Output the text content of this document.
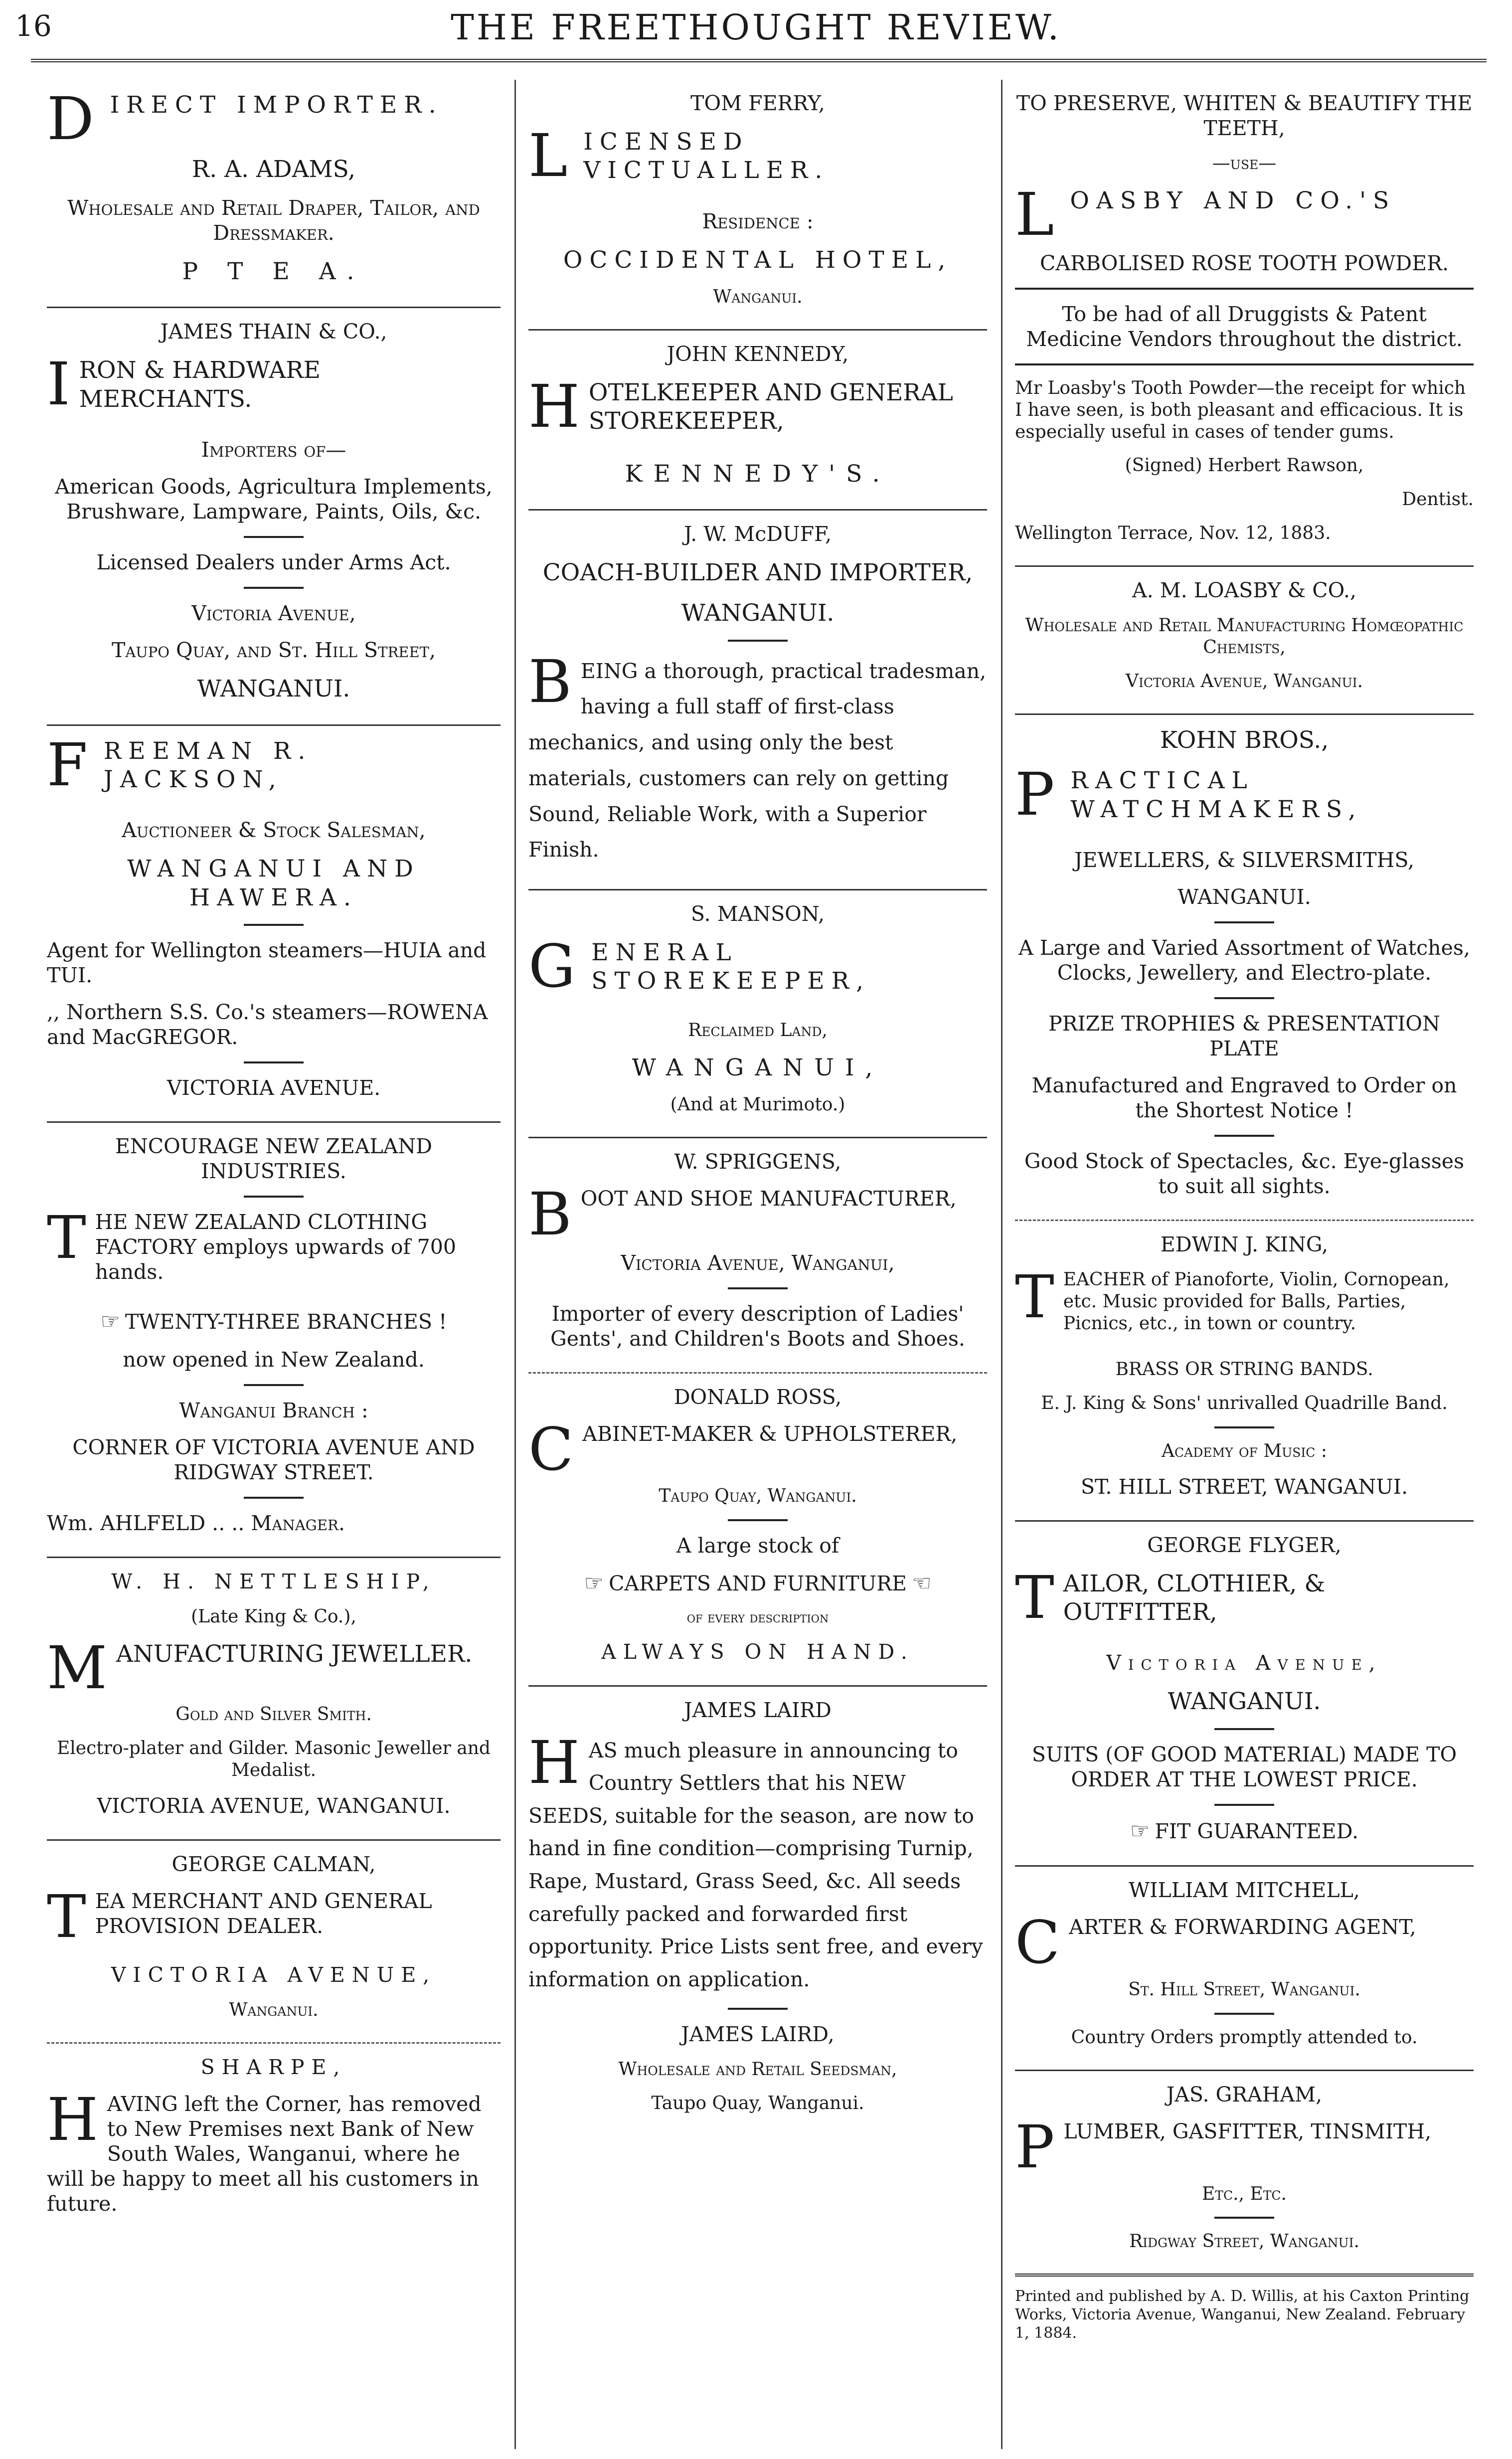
16	THE FREETHOUGHT REVIEW.

DIRECT IMPORTER.

R. A. ADAMS,

Wholesale and Retail Draper, Tailor, and Dressmaker.

P T E A.

JAMES THAIN & CO.,

IRON & HARDWARE MERCHANTS.

Importers of—

American Goods, Agricultura Implements, Brushware, Lampware, Paints, Oils, &c.

Licensed Dealers under Arms Act.

Victoria Avenue,

Taupo Quay, and St. Hill Street,

WANGANUI.

FREEMAN R. JACKSON,

Auctioneer & Stock Salesman,

WANGANUI AND HAWERA.

Agent for Wellington steamers—HUIA and TUI.

,, Northern S.S. Co.'s steamers—ROWENA and MacGREGOR.

VICTORIA AVENUE.

ENCOURAGE NEW ZEALAND INDUSTRIES.

THE NEW ZEALAND CLOTHING FACTORY employs upwards of 700 hands.

☞ TWENTY-THREE BRANCHES !

now opened in New Zealand.

Wanganui Branch :

CORNER OF VICTORIA AVENUE AND RIDGWAY STREET.

Wm. AHLFELD .. .. Manager.

W. H. NETTLESHIP,

(Late King & Co.),

MANUFACTURING JEWELLER.

Gold and Silver Smith.

Electro-plater and Gilder. Masonic Jeweller and Medalist.

VICTORIA AVENUE, WANGANUI.

GEORGE CALMAN,

TEA MERCHANT AND GENERAL PROVISION DEALER.

VICTORIA AVENUE,

Wanganui.

SHARPE,

HAVING left the Corner, has removed to New Premises next Bank of New South Wales, Wanganui, where he will be happy to meet all his customers in future.

TOM FERRY,

LICENSED VICTUALLER.

Residence :

OCCIDENTAL HOTEL,

Wanganui.

JOHN KENNEDY,

HOTELKEEPER AND GENERAL STOREKEEPER,

KENNEDY'S.

J. W. McDUFF,

COACH-BUILDER AND IMPORTER,

WANGANUI.

BEING a thorough, practical tradesman, having a full staff of first-class mechanics, and using only the best materials, customers can rely on getting Sound, Reliable Work, with a Superior Finish.

S. MANSON,

GENERAL STOREKEEPER,

Reclaimed Land,

WANGANUI,

(And at Murimoto.)

W. SPRIGGENS,

BOOT AND SHOE MANUFACTURER,

Victoria Avenue, Wanganui,

Importer of every description of Ladies' Gents', and Children's Boots and Shoes.

DONALD ROSS,

CABINET-MAKER & UPHOLSTERER,

Taupo Quay, Wanganui.

A large stock of

☞ CARPETS AND FURNITURE ☜

of every description

ALWAYS ON HAND.

JAMES LAIRD

HAS much pleasure in announcing to Country Settlers that his NEW SEEDS, suitable for the season, are now to hand in fine condition—comprising Turnip, Rape, Mustard, Grass Seed, &c. All seeds carefully packed and forwarded first opportunity. Price Lists sent free, and every information on application.

JAMES LAIRD,

Wholesale and Retail Seedsman,

Taupo Quay, Wanganui.

TO PRESERVE, WHITEN & BEAUTIFY THE TEETH,

—use—

LOASBY AND CO.'S

CARBOLISED ROSE TOOTH POWDER.

To be had of all Druggists & Patent Medicine Vendors throughout the district.

Mr Loasby's Tooth Powder—the receipt for which I have seen, is both pleasant and efficacious. It is especially useful in cases of tender gums.

(Signed) Herbert Rawson,

Dentist.

Wellington Terrace, Nov. 12, 1883.

A. M. LOASBY & CO.,

Wholesale and Retail Manufacturing Homœopathic Chemists,

Victoria Avenue, Wanganui.

KOHN BROS.,

PRACTICAL WATCHMAKERS,

JEWELLERS, & SILVERSMITHS,

WANGANUI.

A Large and Varied Assortment of Watches, Clocks, Jewellery, and Electro-plate.

PRIZE TROPHIES & PRESENTATION PLATE

Manufactured and Engraved to Order on the Shortest Notice !

Good Stock of Spectacles, &c. Eye-glasses to suit all sights.

EDWIN J. KING,

TEACHER of Pianoforte, Violin, Cornopean, etc. Music provided for Balls, Parties, Picnics, etc., in town or country.

BRASS OR STRING BANDS.

E. J. King & Sons' unrivalled Quadrille Band.

Academy of Music :

ST. HILL STREET, WANGANUI.

GEORGE FLYGER,

TAILOR, CLOTHIER, & OUTFITTER,

Victoria Avenue,

WANGANUI.

SUITS (OF GOOD MATERIAL) MADE TO ORDER AT THE LOWEST PRICE.

☞ FIT GUARANTEED.

WILLIAM MITCHELL,

CARTER & FORWARDING AGENT,

St. Hill Street, Wanganui.

Country Orders promptly attended to.

JAS. GRAHAM,

PLUMBER, GASFITTER, TINSMITH,

Etc., Etc.

Ridgway Street, Wanganui.

Printed and published by A. D. Willis, at his Caxton Printing Works, Victoria Avenue, Wanganui, New Zealand. February 1, 1884.
